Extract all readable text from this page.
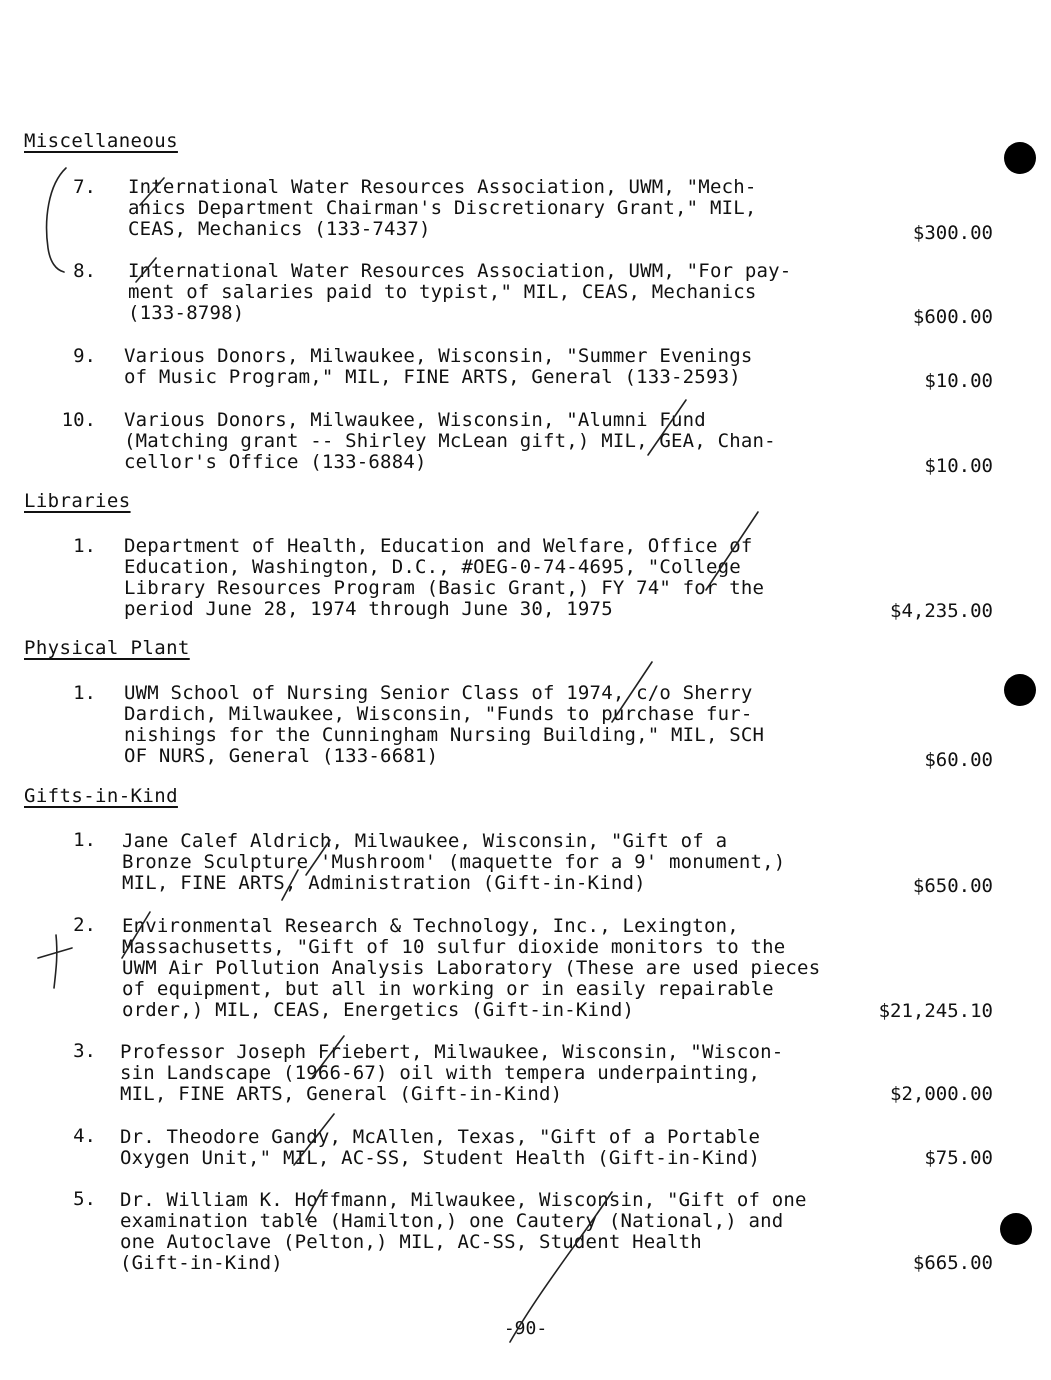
Miscellaneous
7. International Water Resources Association, UWM, "Mech-
anics Department Chairman's Discretionary Grant," MIL,
CEAS, Mechanics (133-7437)	$300.00
8. International Water Resources Association, UWM, "For pay-
ment of salaries paid to typist," MIL, CEAS, Mechanics
(133-8798)	$600.00
9. Various Donors, Milwaukee, Wisconsin, "Summer Evenings
of Music Program," MIL, FINE ARTS, General (133-2593)	$10.00
10. Various Donors, Milwaukee, Wisconsin, "Alumni Fund
(Matching grant -- Shirley McLean gift,) MIL, GEA, Chan-
cellor's Office (133-6884)	$10.00
Libraries
1. Department of Health, Education and Welfare, Office of
Education, Washington, D.C., #OEG-0-74-4695, "College
Library Resources Program (Basic Grant,) FY 74" for the
period June 28, 1974 through June 30, 1975	$4,235.00
Physical Plant
1. UWM School of Nursing Senior Class of 1974, c/o Sherry
Dardich, Milwaukee, Wisconsin, "Funds to purchase fur-
nishings for the Cunningham Nursing Building," MIL, SCH
OF NURS, General (133-6681)	$60.00
Gifts-in-Kind
1. Jane Calef Aldrich, Milwaukee, Wisconsin, "Gift of a
Bronze Sculpture 'Mushroom' (maquette for a 9' monument,)
MIL, FINE ARTS, Administration (Gift-in-Kind)	$650.00
2. Environmental Research & Technology, Inc., Lexington,
Massachusetts, "Gift of 10 sulfur dioxide monitors to the
UWM Air Pollution Analysis Laboratory (These are used pieces
of equipment, but all in working or in easily repairable
order,) MIL, CEAS, Energetics (Gift-in-Kind)	$21,245.10
3. Professor Joseph Friebert, Milwaukee, Wisconsin, "Wiscon-
sin Landscape (1966-67) oil with tempera underpainting,
MIL, FINE ARTS, General (Gift-in-Kind)	$2,000.00
4. Dr. Theodore Gandy, McAllen, Texas, "Gift of a Portable
Oxygen Unit," MIL, AC-SS, Student Health (Gift-in-Kind)	$75.00
5. Dr. William K. Hoffmann, Milwaukee, Wisconsin, "Gift of one
examination table (Hamilton,) one Cautery (National,) and
one Autoclave (Pelton,) MIL, AC-SS, Student Health
(Gift-in-Kind)	$665.00
-90-
